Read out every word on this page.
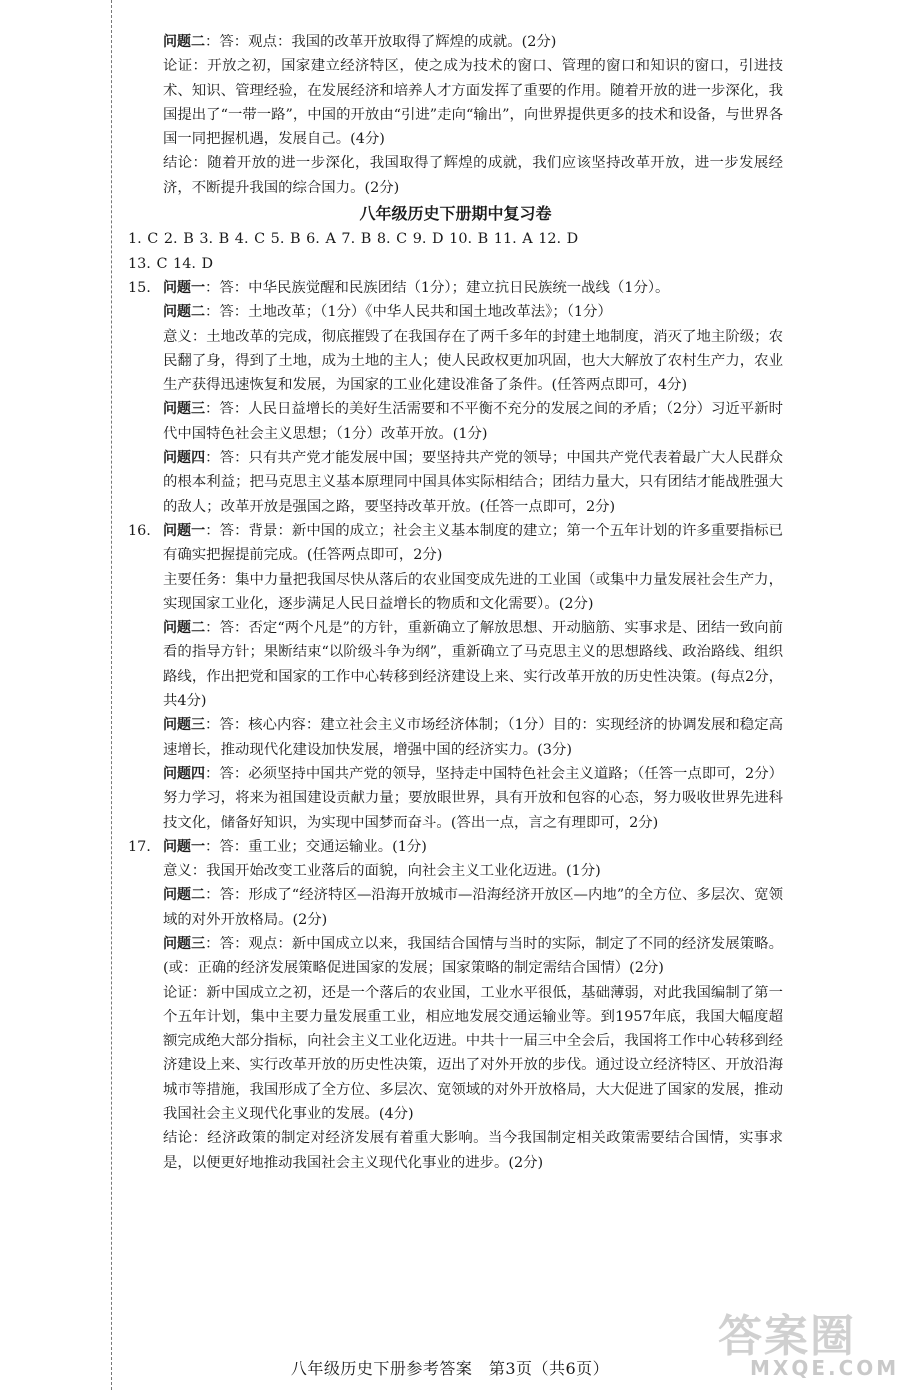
问题二：答：观点：我国的改革开放取得了辉煌的成就。(2分)

论证：开放之初，国家建立经济特区，使之成为技术的窗口、管理的窗口和知识的窗口，引进技术、知识、管理经验，在发展经济和培养人才方面发挥了重要的作用。随着开放的进一步深化，我国提出了“一带一路”，中国的开放由“引进”走向“输出”，向世界提供更多的技术和设备，与世界各国一同把握机遇，发展自己。(4分)

结论：随着开放的进一步深化，我国取得了辉煌的成就，我们应该坚持改革开放，进一步发展经济，不断提升我国的综合国力。(2分)

八年级历史下册期中复习卷

1. C 2. B 3. B 4. C 5. B 6. A 7. B 8. C 9. D 10. B 11. A 12. D

13. C 14. D

15. 问题一：答：中华民族觉醒和民族团结（1分）；建立抗日民族统一战线（1分）。

问题二：答：土地改革；（1分）《中华人民共和国土地改革法》；（1分）

意义：土地改革的完成，彻底摧毁了在我国存在了两千多年的封建土地制度，消灭了地主阶级；农民翻了身，得到了土地，成为土地的主人；使人民政权更加巩固，也大大解放了农村生产力，农业生产获得迅速恢复和发展，为国家的工业化建设准备了条件。(任答两点即可，4分)

问题三：答：人民日益增长的美好生活需要和不平衡不充分的发展之间的矛盾；（2分）习近平新时代中国特色社会主义思想；（1分）改革开放。(1分)

问题四：答：只有共产党才能发展中国；要坚持共产党的领导；中国共产党代表着最广大人民群众的根本利益；把马克思主义基本原理同中国具体实际相结合；团结力量大，只有团结才能战胜强大的敌人；改革开放是强国之路，要坚持改革开放。(任答一点即可，2分)

16. 问题一：答：背景：新中国的成立；社会主义基本制度的建立；第一个五年计划的许多重要指标已有确实把握提前完成。(任答两点即可，2分)

主要任务：集中力量把我国尽快从落后的农业国变成先进的工业国（或集中力量发展社会生产力，实现国家工业化，逐步满足人民日益增长的物质和文化需要）。(2分)

问题二：答：否定“两个凡是”的方针，重新确立了解放思想、开动脑筋、实事求是、团结一致向前看的指导方针；果断结束“以阶级斗争为纲”，重新确立了马克思主义的思想路线、政治路线、组织路线，作出把党和国家的工作中心转移到经济建设上来、实行改革开放的历史性决策。(每点2分，共4分)

问题三：答：核心内容：建立社会主义市场经济体制；（1分）目的：实现经济的协调发展和稳定高速增长，推动现代化建设加快发展，增强中国的经济实力。(3分)

问题四：答：必须坚持中国共产党的领导，坚持走中国特色社会主义道路；（任答一点即可，2分）努力学习，将来为祖国建设贡献力量；要放眼世界，具有开放和包容的心态，努力吸收世界先进科技文化，储备好知识，为实现中国梦而奋斗。(答出一点，言之有理即可，2分)

17. 问题一：答：重工业；交通运输业。(1分)

意义：我国开始改变工业落后的面貌，向社会主义工业化迈进。(1分)

问题二：答：形成了“经济特区—沿海开放城市—沿海经济开放区—内地”的全方位、多层次、宽领域的对外开放格局。(2分)

问题三：答：观点：新中国成立以来，我国结合国情与当时的实际，制定了不同的经济发展策略。(或：正确的经济发展策略促进国家的发展；国家策略的制定需结合国情）(2分)

论证：新中国成立之初，还是一个落后的农业国，工业水平很低，基础薄弱，对此我国编制了第一个五年计划，集中主要力量发展重工业，相应地发展交通运输业等。到1957年底，我国大幅度超额完成绝大部分指标，向社会主义工业化迈进。中共十一届三中全会后，我国将工作中心转移到经济建设上来、实行改革开放的历史性决策，迈出了对外开放的步伐。通过设立经济特区、开放沿海城市等措施，我国形成了全方位、多层次、宽领域的对外开放格局，大大促进了国家的发展，推动我国社会主义现代化事业的发展。(4分)

结论：经济政策的制定对经济发展有着重大影响。当今我国制定相关政策需要结合国情，实事求是，以便更好地推动我国社会主义现代化事业的进步。(2分)

八年级历史下册参考答案　第3页（共6页）
答案圈
MXQE.COM
